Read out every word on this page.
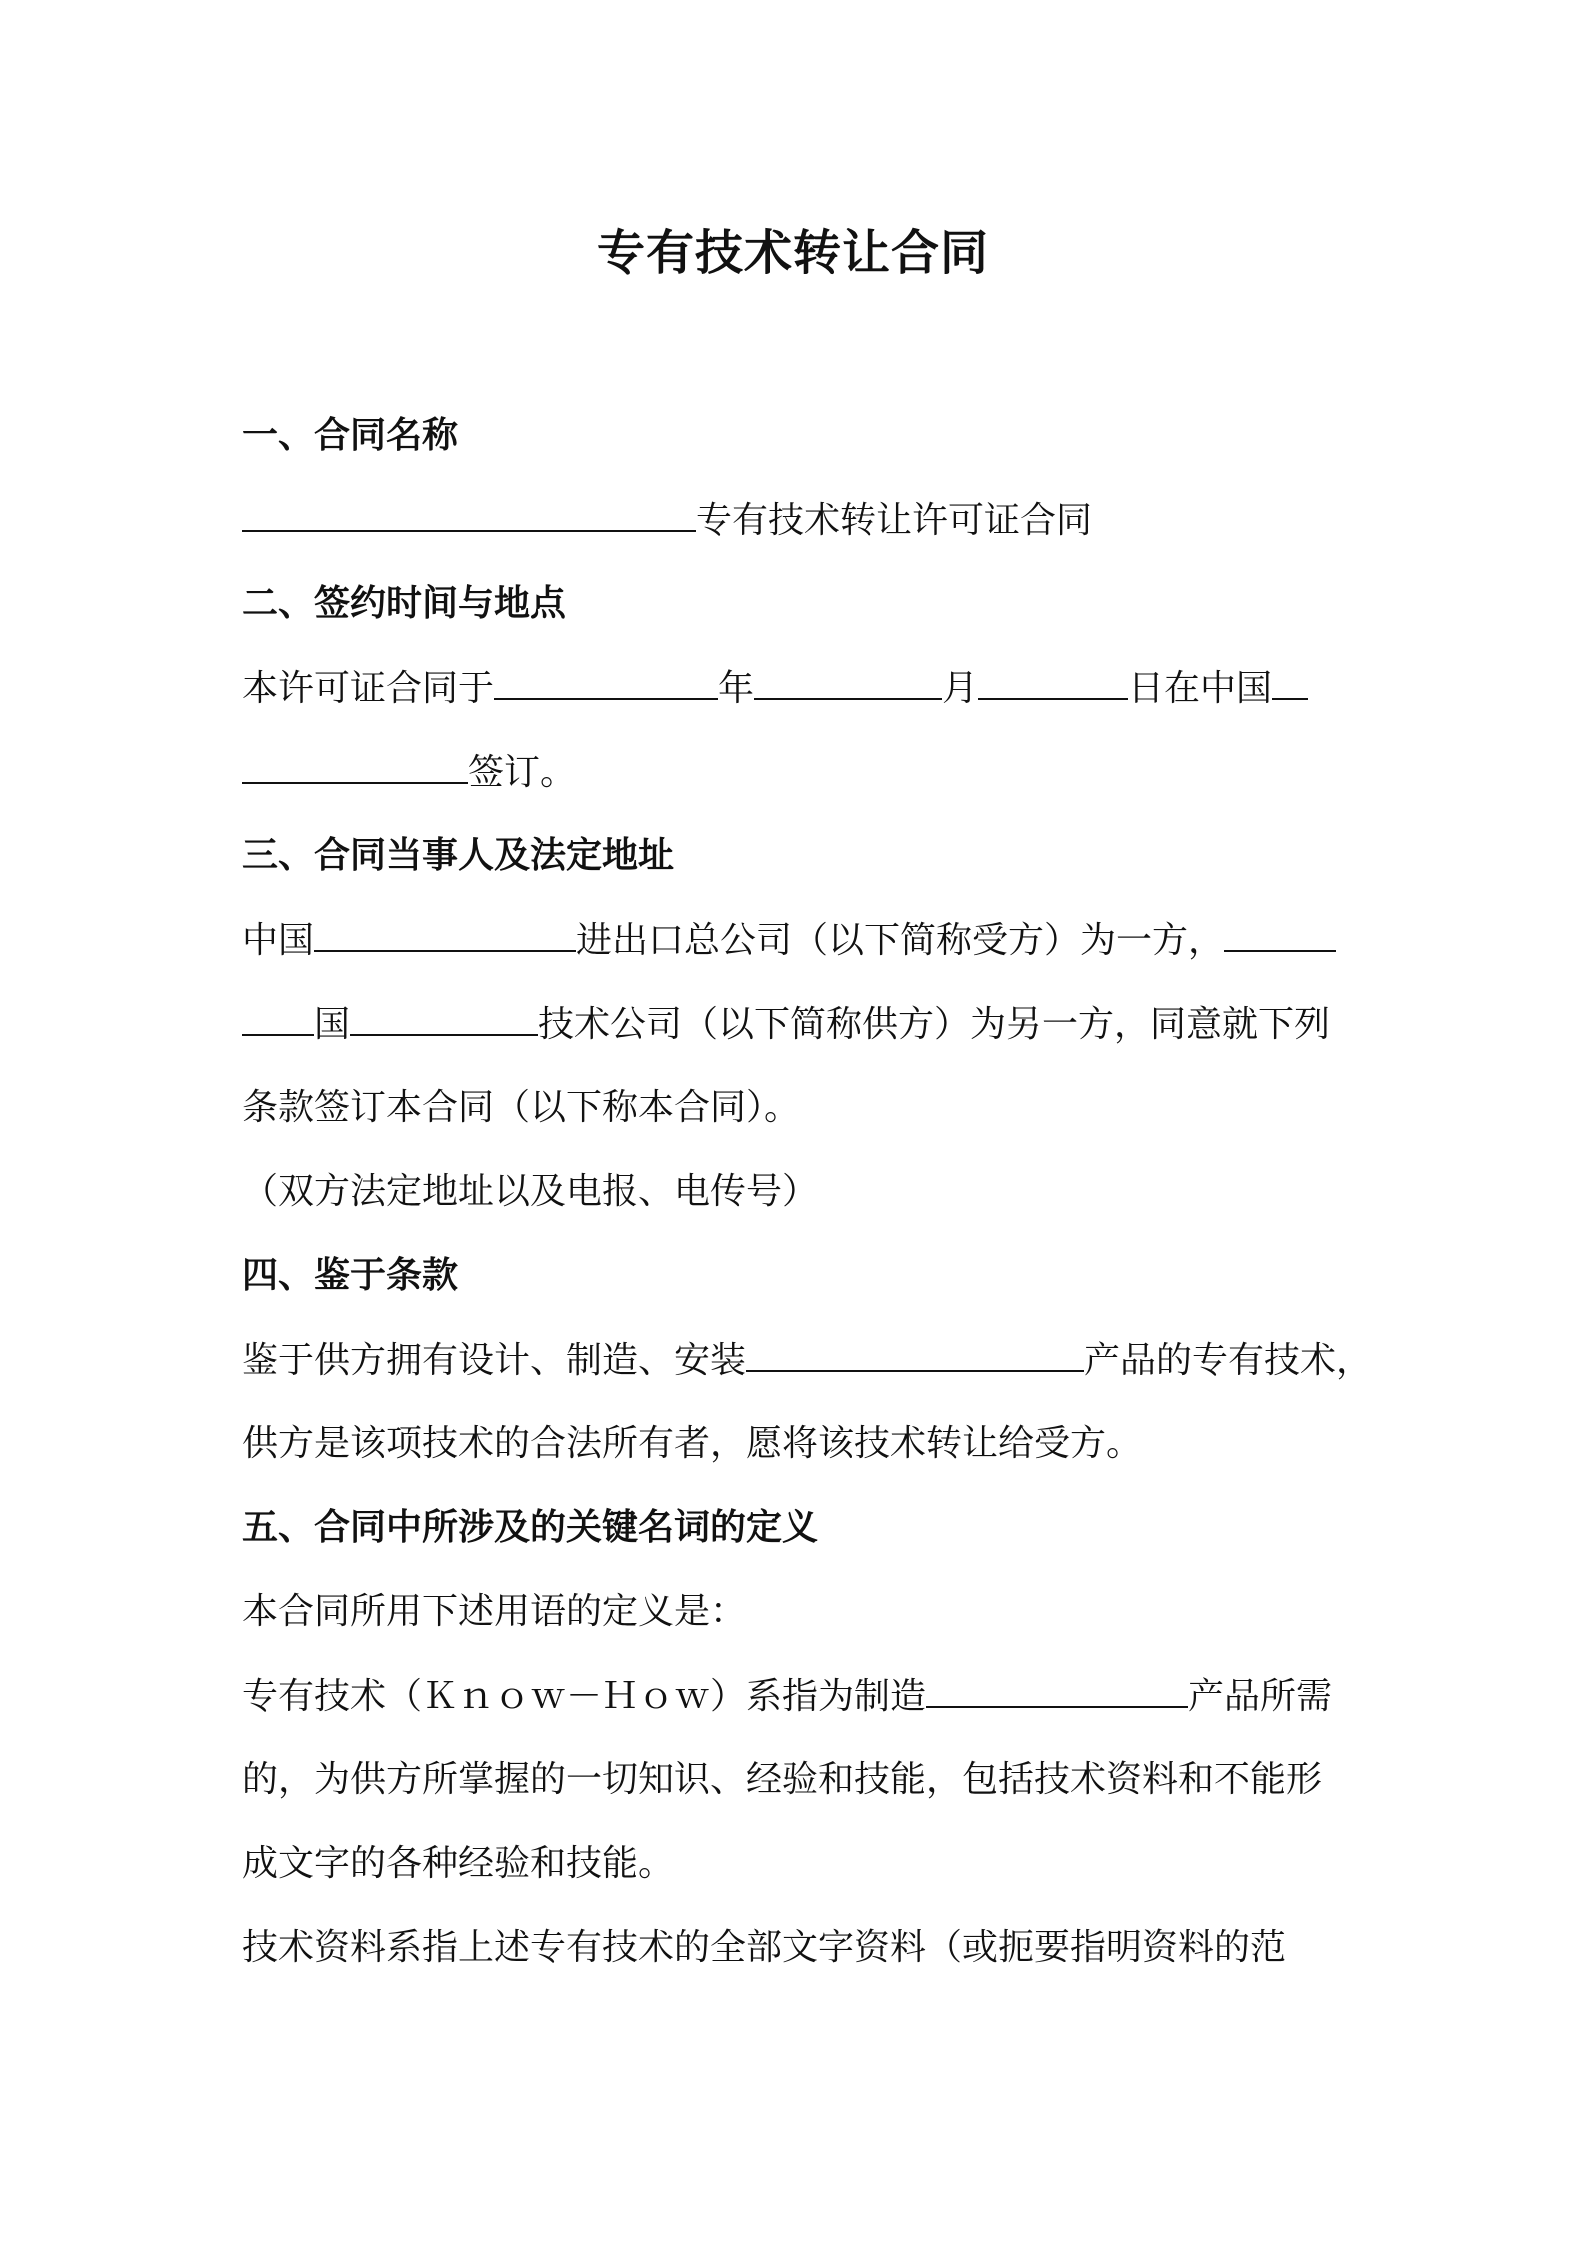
专有技术转让合同
一、合同名称
专有技术转让许可证合同
二、签约时间与地点
本许可证合同于	年	月	日在中国
签订。
三、合同当事人及法定地址
中国	进出口总公司（以下简称受方）为一方，
国	技术公司（以下简称供方）为另一方，同意就下列
条款签订本合同（以下称本合同）。
（双方法定地址以及电报、电传号）
四、鉴于条款
鉴于供方拥有设计、制造、安装	产品的专有技术，
供方是该项技术的合法所有者，愿将该技术转让给受方。
五、合同中所涉及的关键名词的定义
本合同所用下述用语的定义是：
专有技术（Ｋｎｏｗ－Ｈｏｗ）系指为制造	产品所需
的，为供方所掌握的一切知识、经验和技能，包括技术资料和不能形
成文字的各种经验和技能。
技术资料系指上述专有技术的全部文字资料（或扼要指明资料的范
